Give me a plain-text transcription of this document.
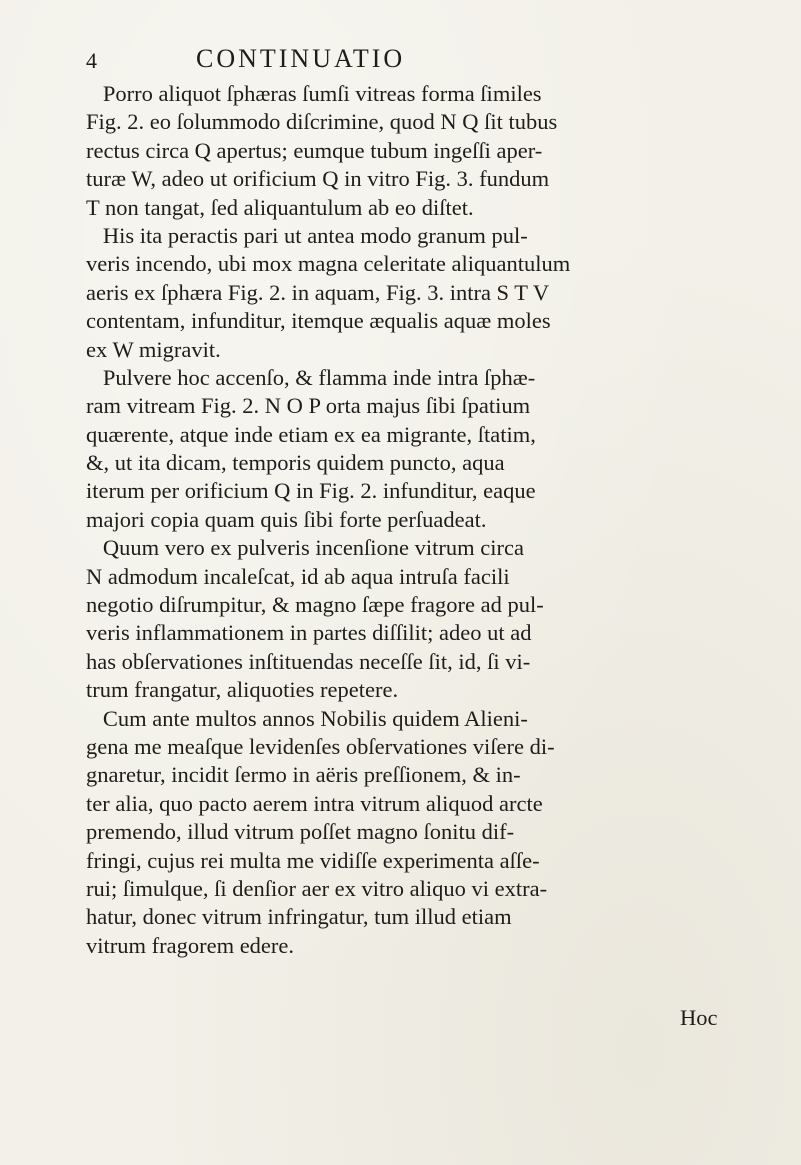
4	CONTINUATIO
Porro aliquot ſphæras ſumſi vitreas forma ſimiles
Fig. 2. eo ſolummodo diſcrimine, quod N Q ſit tubus
rectus circa Q apertus; eumque tubum ingeſſi aper-
turæ W, adeo ut orificium Q in vitro Fig. 3. fundum
T non tangat, ſed aliquantulum ab eo diſtet.
His ita peractis pari ut antea modo granum pul-
veris incendo, ubi mox magna celeritate aliquantulum
aeris ex ſphæra Fig. 2. in aquam, Fig. 3. intra S T V
contentam, infunditur, itemque æqualis aquæ moles
ex W migravit.
Pulvere hoc accenſo, & flamma inde intra ſphæ-
ram vitream Fig. 2. N O P orta majus ſibi ſpatium
quærente, atque inde etiam ex ea migrante, ſtatim,
&, ut ita dicam, temporis quidem puncto, aqua
iterum per orificium Q in Fig. 2. infunditur, eaque
majori copia quam quis ſibi forte perſuadeat.
Quum vero ex pulveris incenſione vitrum circa
N admodum incaleſcat, id ab aqua intruſa facili
negotio diſrumpitur, & magno ſæpe fragore ad pul-
veris inflammationem in partes diſſilit; adeo ut ad
has obſervationes inſtituendas neceſſe ſit, id, ſi vi-
trum frangatur, aliquoties repetere.
Cum ante multos annos Nobilis quidem Alieni-
gena me meaſque levidenſes obſervationes viſere di-
gnaretur, incidit ſermo in aëris preſſionem, & in-
ter alia, quo pacto aerem intra vitrum aliquod arcte
premendo, illud vitrum poſſet magno ſonitu dif-
fringi, cujus rei multa me vidiſſe experimenta aſſe-
rui; ſimulque, ſi denſior aer ex vitro aliquo vi extra-
hatur, donec vitrum infringatur, tum illud etiam
vitrum fragorem edere.
Hoc
